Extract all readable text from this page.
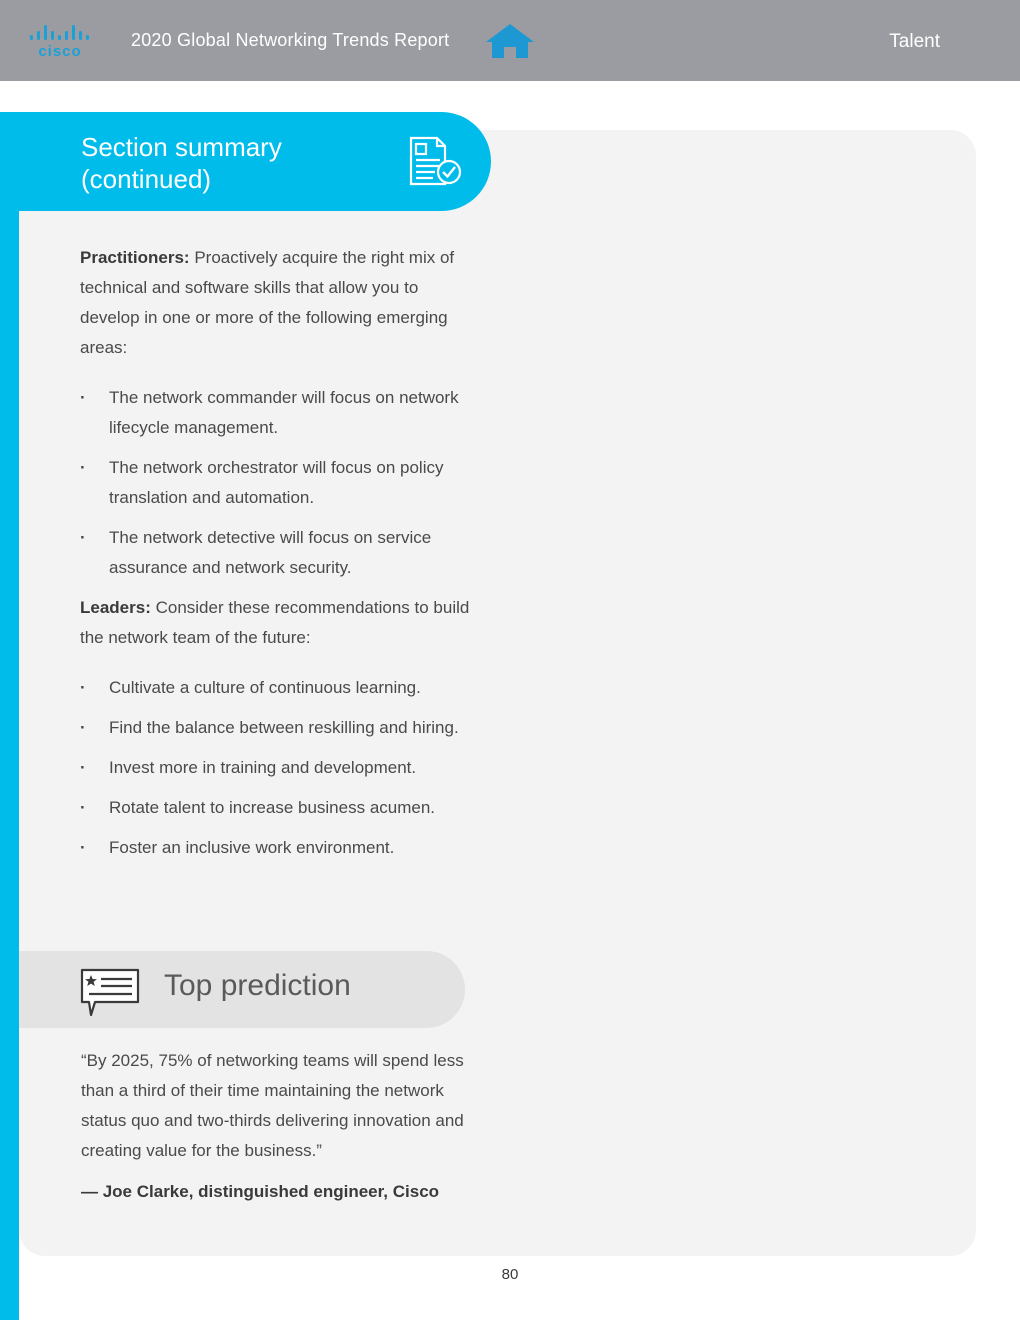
cisco
2020 Global Networking Trends Report	Talent
Section summary (continued)

Practitioners: Proactively acquire the right mix of technical and software skills that allow you to develop in one or more of the following emerging areas:

· The network commander will focus on network lifecycle management.
· The network orchestrator will focus on policy translation and automation.
· The network detective will focus on service assurance and network security.

Leaders: Consider these recommendations to build the network team of the future:

· Cultivate a culture of continuous learning.
· Find the balance between reskilling and hiring.
· Invest more in training and development.
· Rotate talent to increase business acumen.
· Foster an inclusive work environment.
Top prediction

“By 2025, 75% of networking teams will spend less than a third of their time maintaining the network status quo and two-thirds delivering innovation and creating value for the business.”

— Joe Clarke, distinguished engineer, Cisco

80
